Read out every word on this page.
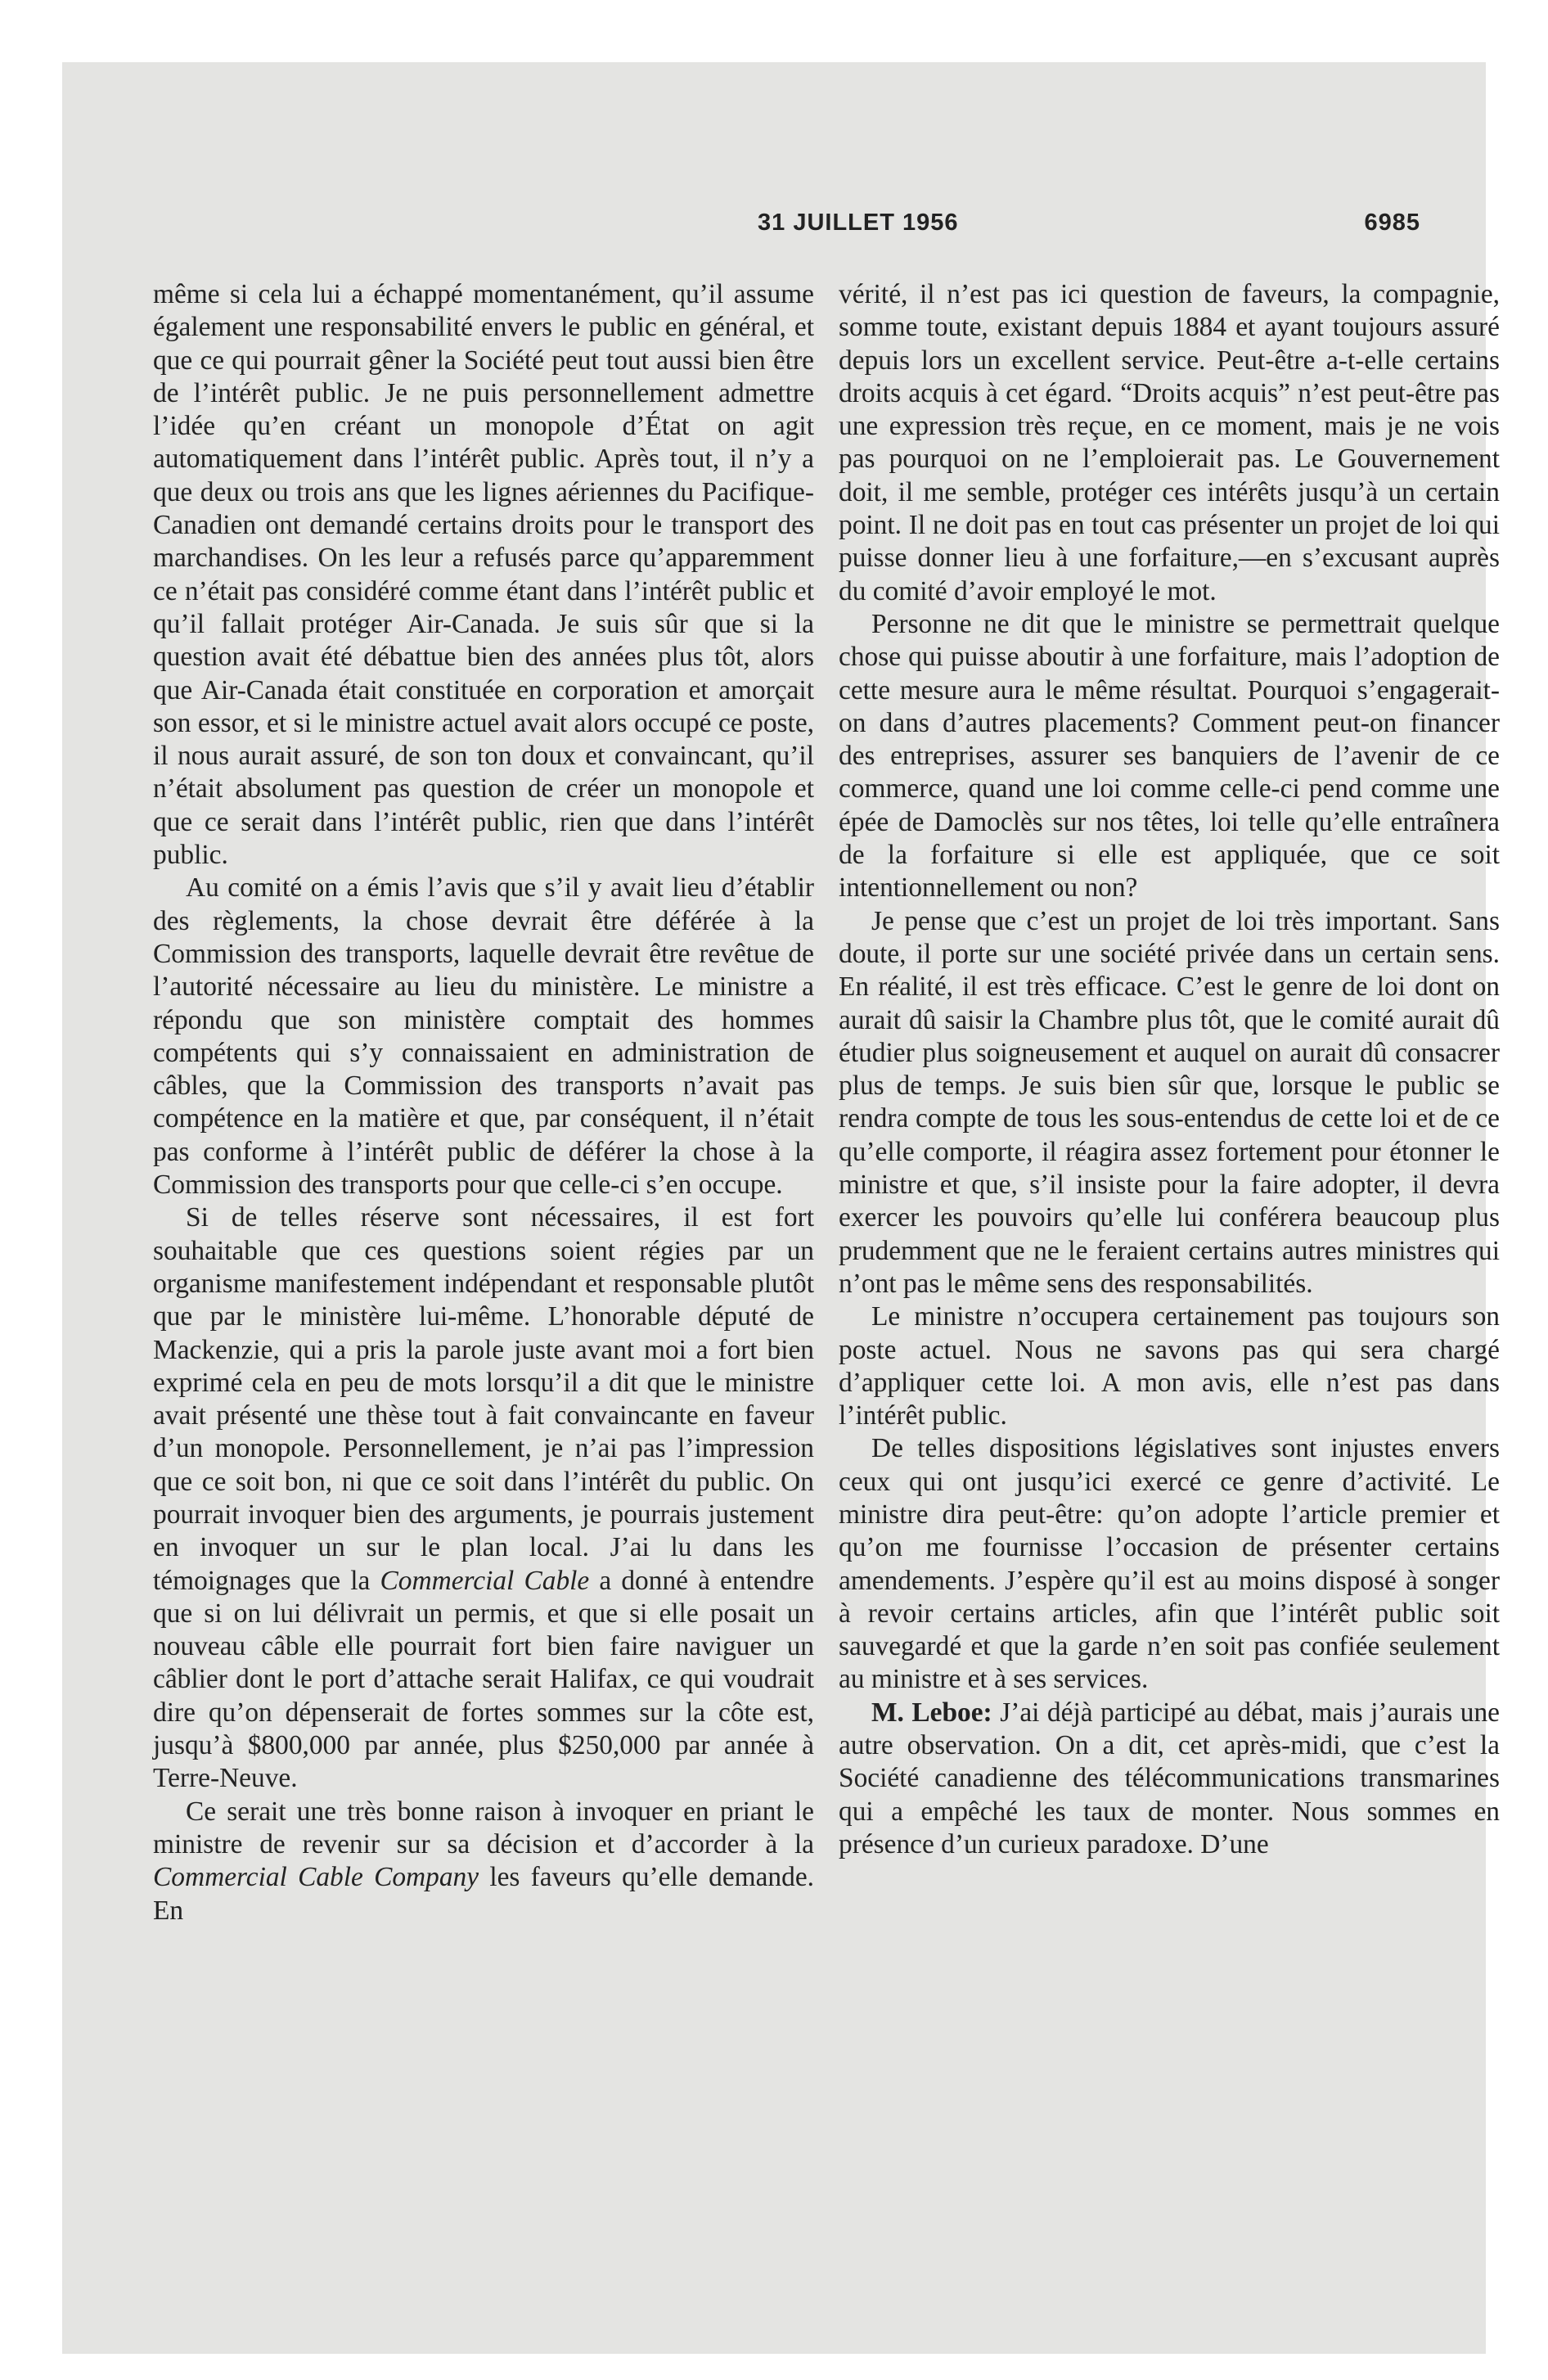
31 JUILLET 1956	6985

même si cela lui a échappé momentanément, qu’il assume également une responsabilité envers le public en général, et que ce qui pourrait gêner la Société peut tout aussi bien être de l’intérêt public. Je ne puis personnellement admettre l’idée qu’en créant un monopole d’État on agit automatiquement dans l’intérêt public. Après tout, il n’y a que deux ou trois ans que les lignes aériennes du Pacifique-Canadien ont demandé certains droits pour le transport des marchandises. On les leur a refusés parce qu’apparemment ce n’était pas considéré comme étant dans l’intérêt public et qu’il fallait protéger Air-Canada. Je suis sûr que si la question avait été débattue bien des années plus tôt, alors que Air-Canada était constituée en corporation et amorçait son essor, et si le ministre actuel avait alors occupé ce poste, il nous aurait assuré, de son ton doux et convaincant, qu’il n’était absolument pas question de créer un monopole et que ce serait dans l’intérêt public, rien que dans l’intérêt public.

Au comité on a émis l’avis que s’il y avait lieu d’établir des règlements, la chose devrait être déférée à la Commission des transports, laquelle devrait être revêtue de l’autorité nécessaire au lieu du ministère. Le ministre a répondu que son ministère comptait des hommes compétents qui s’y connaissaient en administration de câbles, que la Commission des transports n’avait pas compétence en la matière et que, par conséquent, il n’était pas conforme à l’intérêt public de déférer la chose à la Commission des transports pour que celle-ci s’en occupe.

Si de telles réserve sont nécessaires, il est fort souhaitable que ces questions soient régies par un organisme manifestement indépendant et responsable plutôt que par le ministère lui-même. L’honorable député de Mackenzie, qui a pris la parole juste avant moi a fort bien exprimé cela en peu de mots lorsqu’il a dit que le ministre avait présenté une thèse tout à fait convaincante en faveur d’un monopole. Personnellement, je n’ai pas l’impression que ce soit bon, ni que ce soit dans l’intérêt du public. On pourrait invoquer bien des arguments, je pourrais justement en invoquer un sur le plan local. J’ai lu dans les témoignages que la Commercial Cable a donné à entendre que si on lui délivrait un permis, et que si elle posait un nouveau câble elle pourrait fort bien faire naviguer un câblier dont le port d’attache serait Halifax, ce qui voudrait dire qu’on dépenserait de fortes sommes sur la côte est, jusqu’à $800,000 par année, plus $250,000 par année à Terre-Neuve.

Ce serait une très bonne raison à invoquer en priant le ministre de revenir sur sa décision et d’accorder à la Commercial Cable Company les faveurs qu’elle demande. En

vérité, il n’est pas ici question de faveurs, la compagnie, somme toute, existant depuis 1884 et ayant toujours assuré depuis lors un excellent service. Peut-être a-t-elle certains droits acquis à cet égard. “Droits acquis” n’est peut-être pas une expression très reçue, en ce moment, mais je ne vois pas pourquoi on ne l’emploierait pas. Le Gouvernement doit, il me semble, protéger ces intérêts jusqu’à un certain point. Il ne doit pas en tout cas présenter un projet de loi qui puisse donner lieu à une forfaiture,—en s’excusant auprès du comité d’avoir employé le mot.

Personne ne dit que le ministre se permettrait quelque chose qui puisse aboutir à une forfaiture, mais l’adoption de cette mesure aura le même résultat. Pourquoi s’engagerait-on dans d’autres placements? Comment peut-on financer des entreprises, assurer ses banquiers de l’avenir de ce commerce, quand une loi comme celle-ci pend comme une épée de Damoclès sur nos têtes, loi telle qu’elle entraînera de la forfaiture si elle est appliquée, que ce soit intentionnellement ou non?

Je pense que c’est un projet de loi très important. Sans doute, il porte sur une société privée dans un certain sens. En réalité, il est très efficace. C’est le genre de loi dont on aurait dû saisir la Chambre plus tôt, que le comité aurait dû étudier plus soigneusement et auquel on aurait dû consacrer plus de temps. Je suis bien sûr que, lorsque le public se rendra compte de tous les sous-entendus de cette loi et de ce qu’elle comporte, il réagira assez fortement pour étonner le ministre et que, s’il insiste pour la faire adopter, il devra exercer les pouvoirs qu’elle lui conférera beaucoup plus prudemment que ne le feraient certains autres ministres qui n’ont pas le même sens des responsabilités.

Le ministre n’occupera certainement pas toujours son poste actuel. Nous ne savons pas qui sera chargé d’appliquer cette loi. A mon avis, elle n’est pas dans l’intérêt public.

De telles dispositions législatives sont injustes envers ceux qui ont jusqu’ici exercé ce genre d’activité. Le ministre dira peut-être: qu’on adopte l’article premier et qu’on me fournisse l’occasion de présenter certains amendements. J’espère qu’il est au moins disposé à songer à revoir certains articles, afin que l’intérêt public soit sauvegardé et que la garde n’en soit pas confiée seulement au ministre et à ses services.

M. Leboe: J’ai déjà participé au débat, mais j’aurais une autre observation. On a dit, cet après-midi, que c’est la Société canadienne des télécommunications transmarines qui a empêché les taux de monter. Nous sommes en présence d’un curieux paradoxe. D’une
